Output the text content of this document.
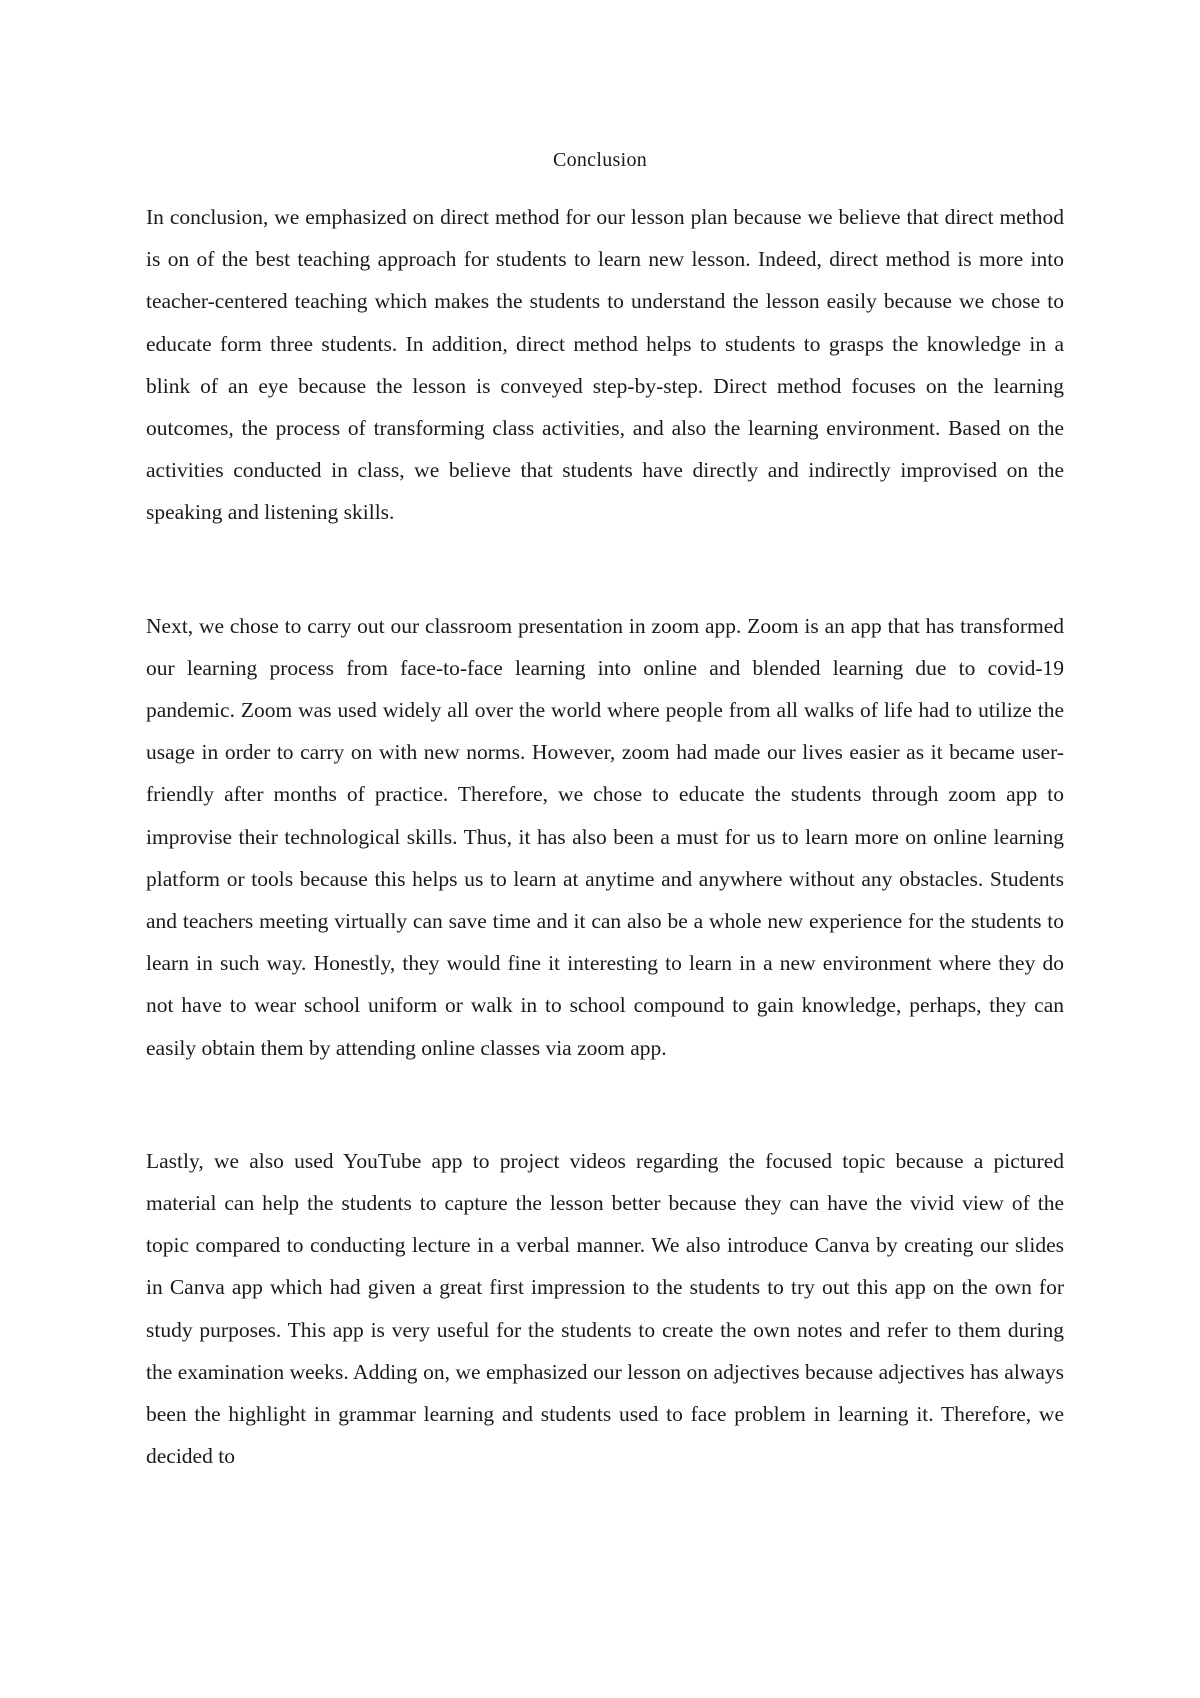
Conclusion

In conclusion, we emphasized on direct method for our lesson plan because we believe that direct method is on of the best teaching approach for students to learn new lesson. Indeed, direct method is more into teacher-centered teaching which makes the students to understand the lesson easily because we chose to educate form three students. In addition, direct method helps to students to grasps the knowledge in a blink of an eye because the lesson is conveyed step-by-step. Direct method focuses on the learning outcomes, the process of transforming class activities, and also the learning environment. Based on the activities conducted in class, we believe that students have directly and indirectly improvised on the speaking and listening skills.

Next, we chose to carry out our classroom presentation in zoom app. Zoom is an app that has transformed our learning process from face-to-face learning into online and blended learning due to covid-19 pandemic. Zoom was used widely all over the world where people from all walks of life had to utilize the usage in order to carry on with new norms. However, zoom had made our lives easier as it became user-friendly after months of practice. Therefore, we chose to educate the students through zoom app to improvise their technological skills. Thus, it has also been a must for us to learn more on online learning platform or tools because this helps us to learn at anytime and anywhere without any obstacles. Students and teachers meeting virtually can save time and it can also be a whole new experience for the students to learn in such way. Honestly, they would fine it interesting to learn in a new environment where they do not have to wear school uniform or walk in to school compound to gain knowledge, perhaps, they can easily obtain them by attending online classes via zoom app.

Lastly, we also used YouTube app to project videos regarding the focused topic because a pictured material can help the students to capture the lesson better because they can have the vivid view of the topic compared to conducting lecture in a verbal manner. We also introduce Canva by creating our slides in Canva app which had given a great first impression to the students to try out this app on the own for study purposes. This app is very useful for the students to create the own notes and refer to them during the examination weeks. Adding on, we emphasized our lesson on adjectives because adjectives has always been the highlight in grammar learning and students used to face problem in learning it. Therefore, we decided to
